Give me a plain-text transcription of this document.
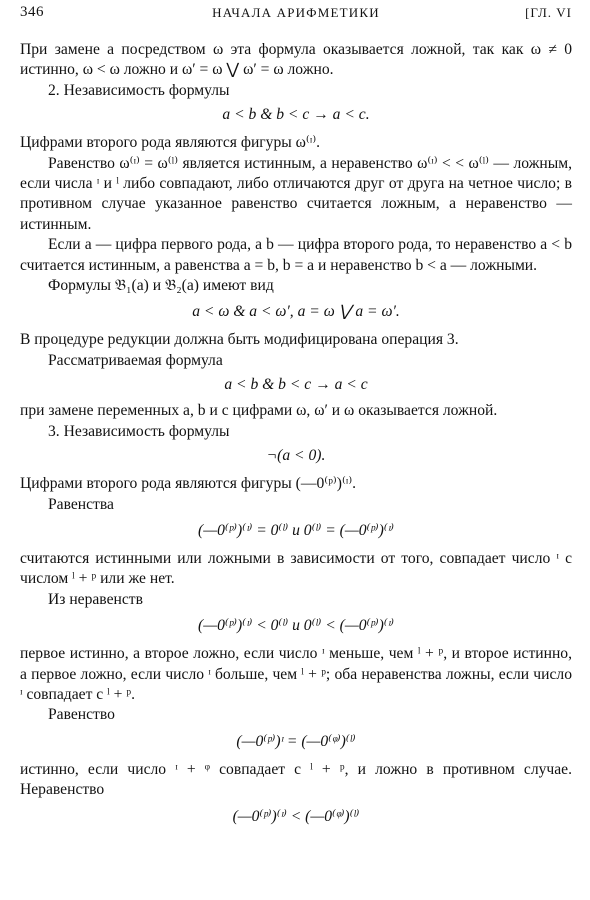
346	НАЧАЛА АРИФМЕТИКИ	[ГЛ. VI

При замене a посредством ω эта формула оказывается ложной, так как ω ≠ 0 истинно, ω < ω ложно и ω′ = ω ⋁ ω′ = ω ложно.

2. Независимость формулы

a < b & b < c → a < c.

Цифрами второго рода являются фигуры ω⁽ᶦ⁾.

Равенство ω⁽ᶦ⁾ = ω⁽ˡ⁾ является истинным, а неравенство ω⁽ᶦ⁾ < < ω⁽ˡ⁾ — ложным, если числа ᶦ и ˡ либо совпадают, либо отличаются друг от друга на четное число; в противном случае указанное равенство считается ложным, а неравенство — истинным.

Если a — цифра первого рода, а b — цифра второго рода, то неравенство a < b считается истинным, а равенства a = b, b = a и неравенство b < a — ложными.

Формулы 𝔅₁(a) и 𝔅₂(a) имеют вид

a < ω & a < ω′, a = ω ⋁ a = ω′.

В процедуре редукции должна быть модифицирована операция 3.

Рассматриваемая формула

a < b & b < c → a < c

при замене переменных a, b и c цифрами ω, ω′ и ω оказывается ложной.

3. Независимость формулы

¬(a < 0).

Цифрами второго рода являются фигуры (—0⁽ᵖ⁾)⁽ᶦ⁾.

Равенства

(—0⁽ᵖ⁾)⁽ᶦ⁾ = 0⁽ˡ⁾ и 0⁽ˡ⁾ = (—0⁽ᵖ⁾)⁽ᶦ⁾

считаются истинными или ложными в зависимости от того, совпадает число ᶦ с числом ˡ + ᵖ или же нет.

Из неравенств

(—0⁽ᵖ⁾)⁽ᶦ⁾ < 0⁽ˡ⁾ и 0⁽ˡ⁾ < (—0⁽ᵖ⁾)⁽ᶦ⁾

первое истинно, а второе ложно, если число ᶦ меньше, чем ˡ + ᵖ, и второе истинно, а первое ложно, если число ᶦ больше, чем ˡ + ᵖ; оба неравенства ложны, если число ᶦ совпадает с ˡ + ᵖ.

Равенство

(—0⁽ᵖ⁾)ᶦ = (—0⁽ᵠ⁾)⁽ˡ⁾

истинно, если число ᶦ + ᵠ совпадает с ˡ + ᵖ, и ложно в противном случае. Неравенство

(—0⁽ᵖ⁾)⁽ᶦ⁾ < (—0⁽ᵠ⁾)⁽ˡ⁾
